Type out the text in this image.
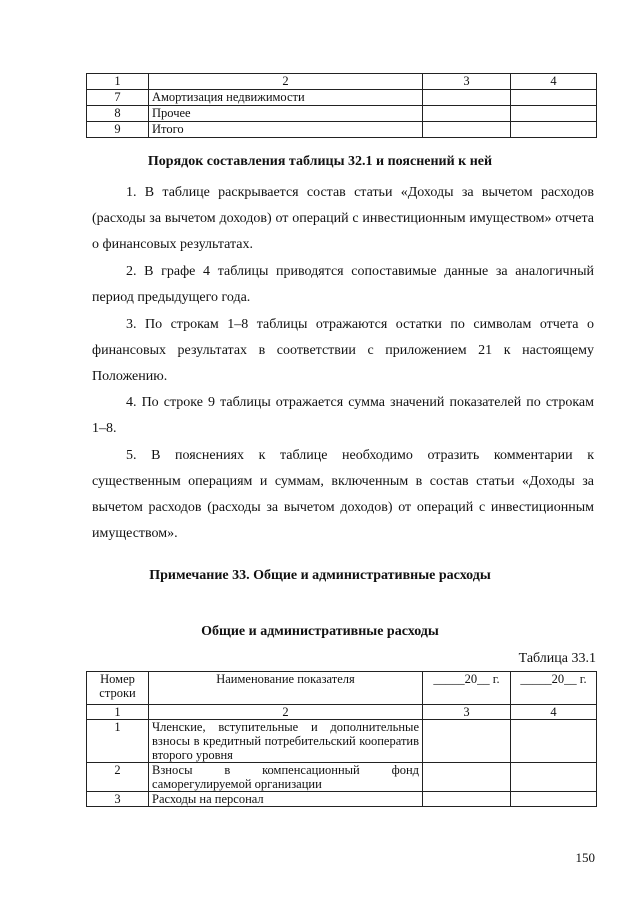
1	2	3	4
7	Амортизация недвижимости		
8	Прочее		
9	Итого		
Порядок составления таблицы 32.1 и пояснений к ней
1. В таблице раскрывается состав статьи «Доходы за вычетом расходов (расходы за вычетом доходов) от операций с инвестиционным имуществом» отчета о финансовых результатах.
2. В графе 4 таблицы приводятся сопоставимые данные за аналогичный период предыдущего года.
3. По строкам 1–8 таблицы отражаются остатки по символам отчета о финансовых результатах в соответствии с приложением 21 к настоящему Положению.
4. По строке 9 таблицы отражается сумма значений показателей по строкам 1–8.
5. В пояснениях к таблице необходимо отразить комментарии к существенным операциям и суммам, включенным в состав статьи «Доходы за вычетом расходов (расходы за вычетом доходов) от операций с инвестиционным имуществом».
Примечание 33. Общие и административные расходы
Общие и административные расходы
Таблица 33.1
Номер строки	Наименование показателя	_____20__ г.	_____20__ г.
1	2	3	4
1	Членские, вступительные и дополнительные взносы в кредитный потребительский кооператив второго уровня		
2	Взносы в компенсационный фонд саморегулируемой организации		
3	Расходы на персонал		
150
